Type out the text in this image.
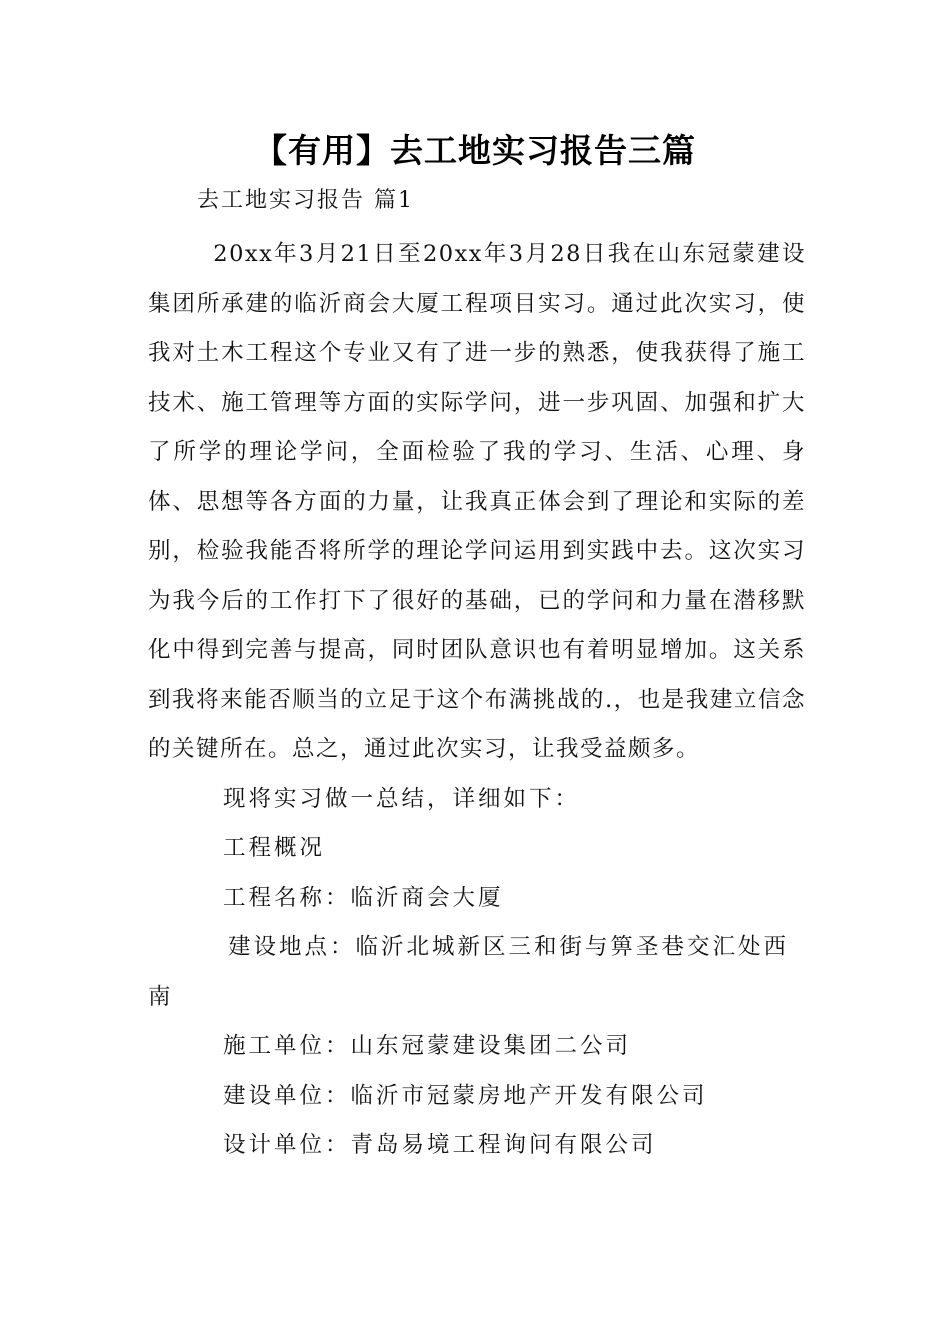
【有用】去工地实习报告三篇
去工地实习报告 篇1

20xx年3月21日至20xx年3月28日我在山东冠蒙建设集团所承建的临沂商会大厦工程项目实习。通过此次实习，使我对土木工程这个专业又有了进一步的熟悉，使我获得了施工技术、施工管理等方面的实际学问，进一步巩固、加强和扩大了所学的理论学问，全面检验了我的学习、生活、心理、身体、思想等各方面的力量，让我真正体会到了理论和实际的差别，检验我能否将所学的理论学问运用到实践中去。这次实习为我今后的工作打下了很好的基础，已的学问和力量在潜移默化中得到完善与提高，同时团队意识也有着明显增加。这关系到我将来能否顺当的立足于这个布满挑战的.，也是我建立信念的关键所在。总之，通过此次实习，让我受益颇多。

现将实习做一总结，详细如下：

工程概况

工程名称：临沂商会大厦

建设地点：临沂北城新区三和街与箅圣巷交汇处西南

施工单位：山东冠蒙建设集团二公司

建设单位：临沂市冠蒙房地产开发有限公司

设计单位：青岛易境工程询问有限公司
